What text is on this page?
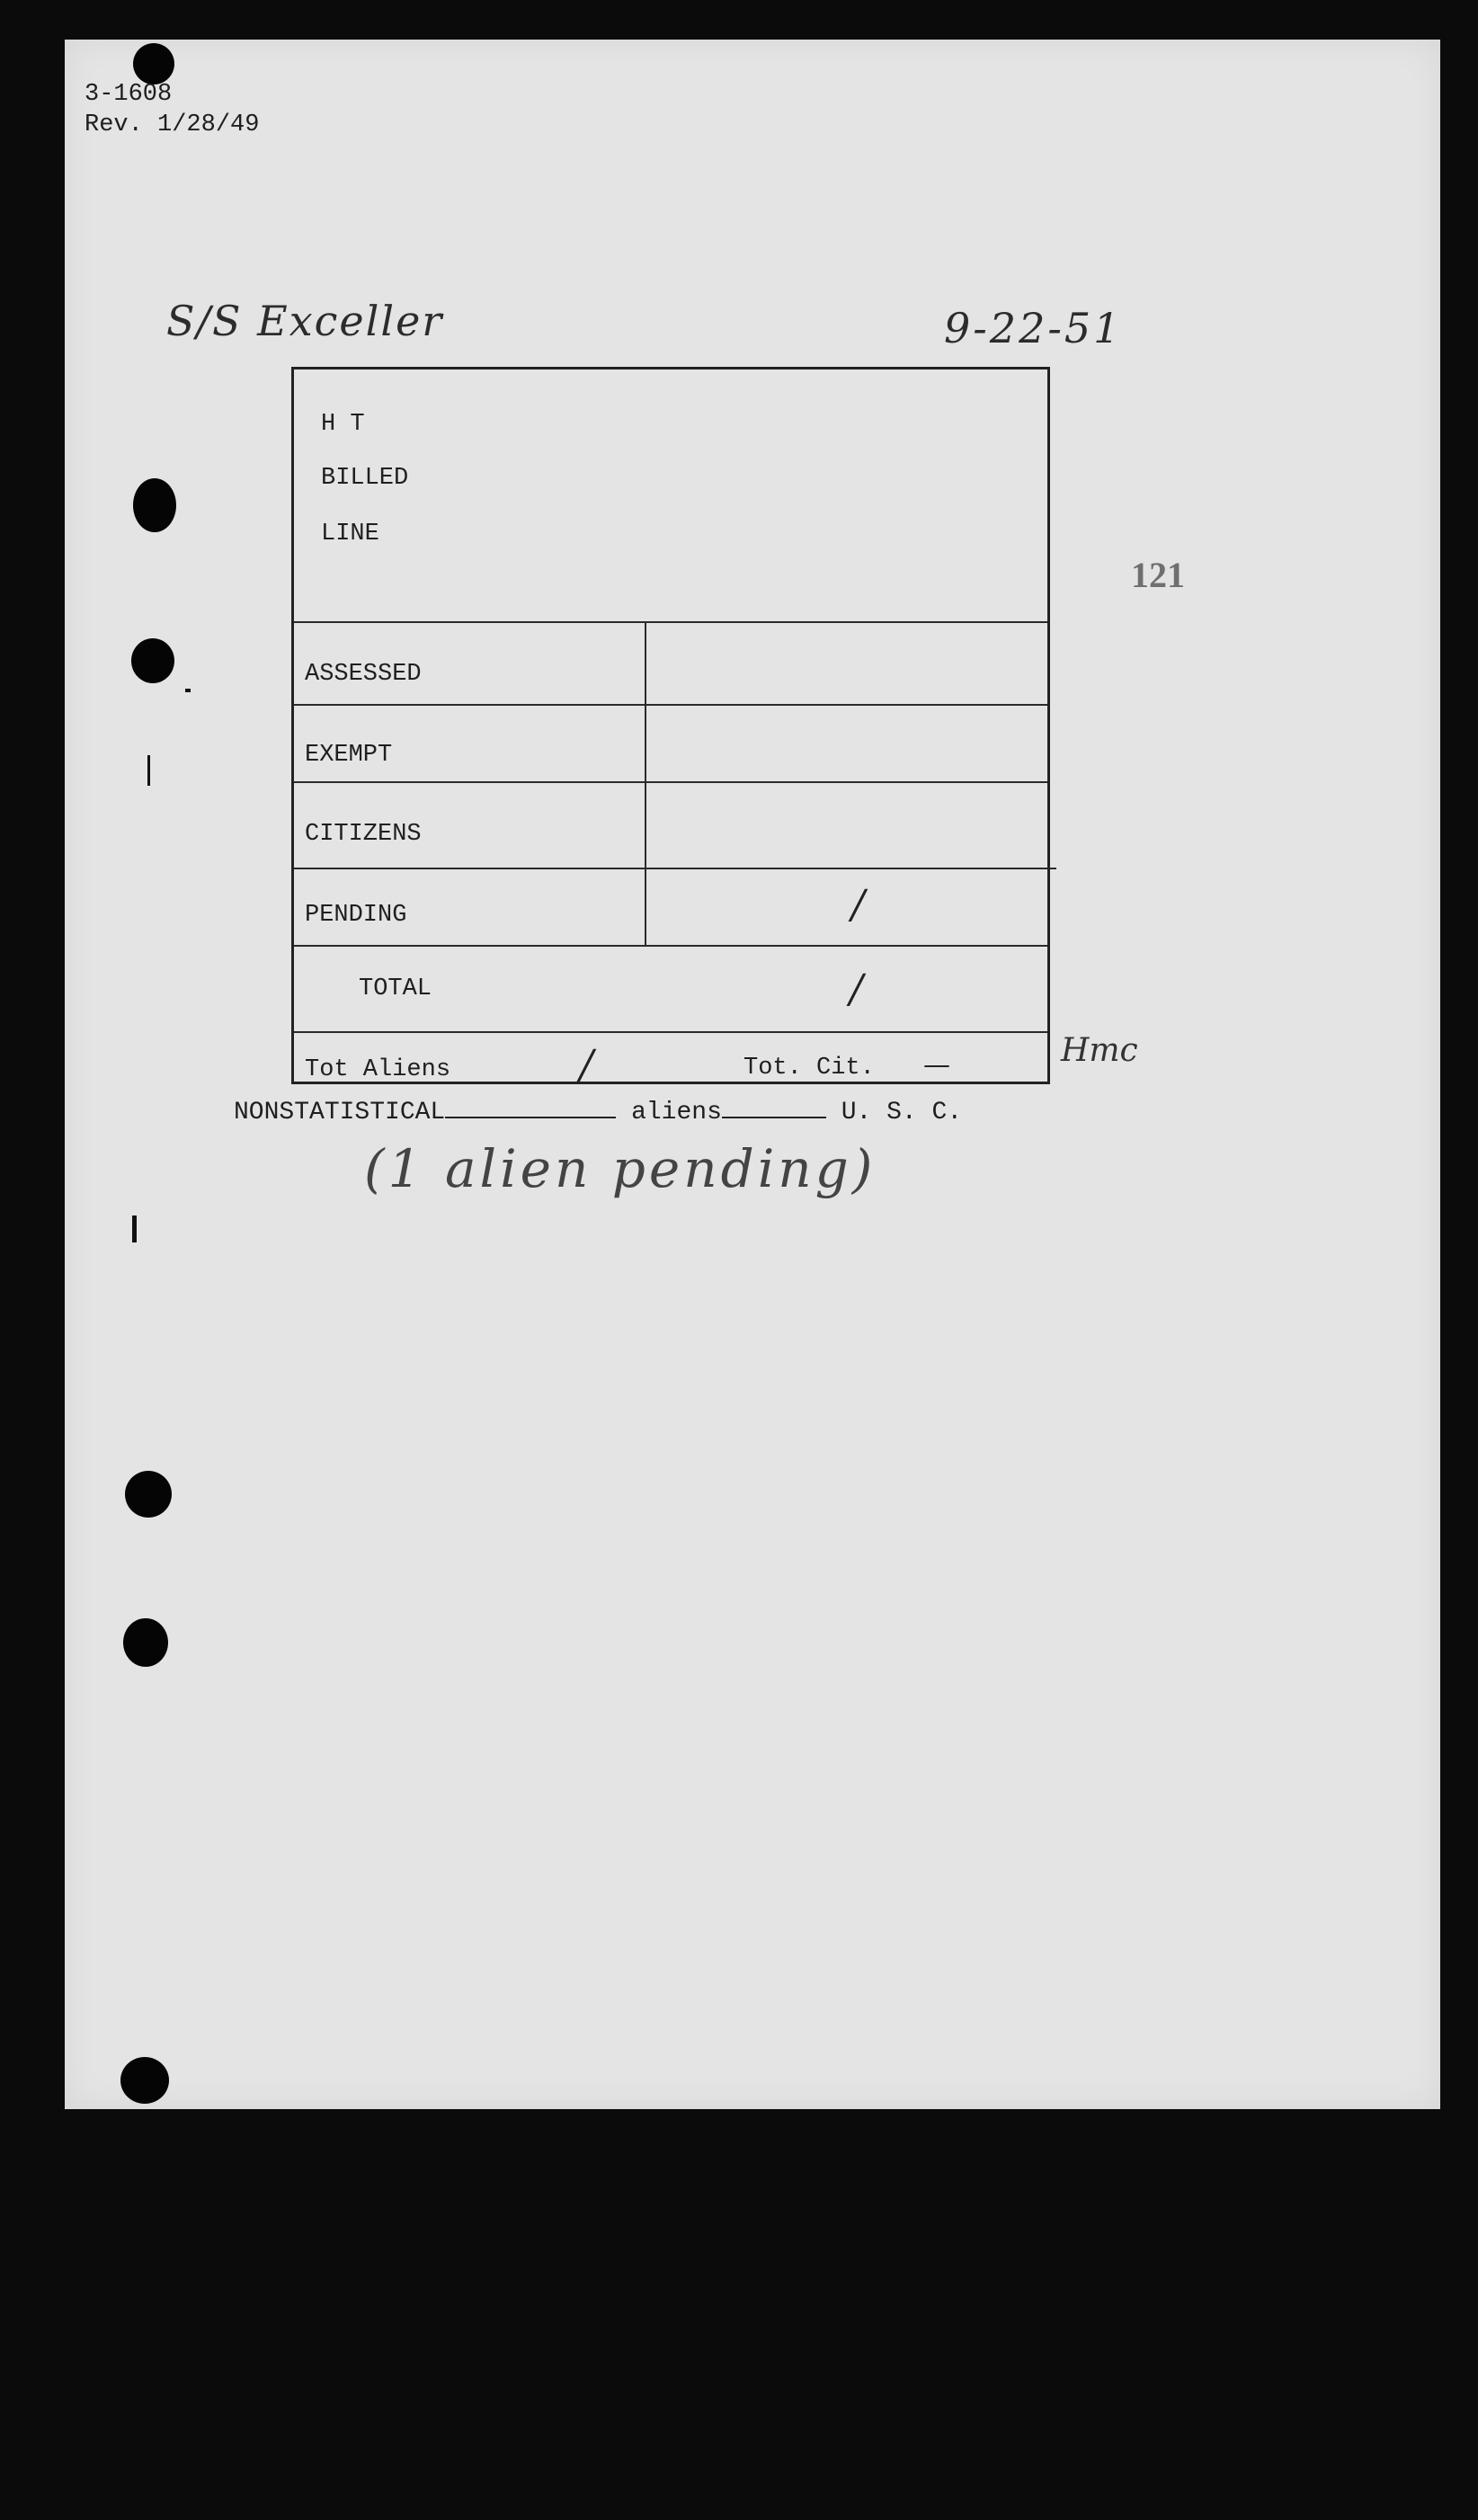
3-1608
Rev. 1/28/49
S/S Exceller	9-22-51
121
H T
BILLED
LINE
ASSESSED
EXEMPT
CITIZENS
PENDING	/
TOTAL	/
Tot Aliens	/	Tot. Cit. —	Hmc
NONSTATISTICAL	aliens	U. S. C.
(1 alien pending)
